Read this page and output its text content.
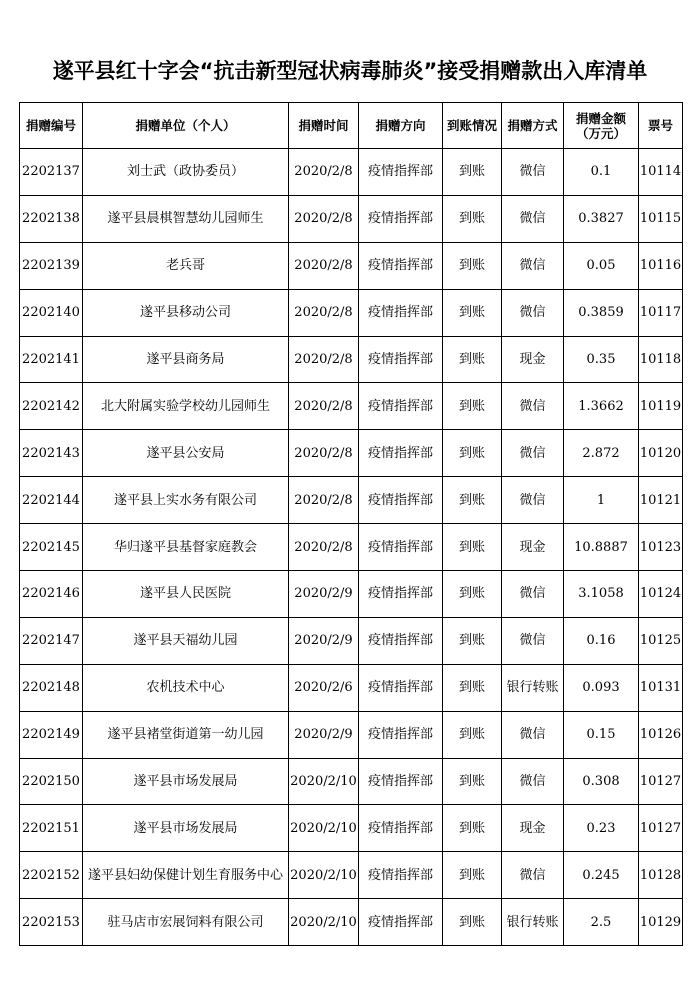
遂平县红十字会“抗击新型冠状病毒肺炎”接受捐赠款出入库清单
捐赠编号	捐赠单位（个人）	捐赠时间	捐赠方向	到账情况	捐赠方式	捐赠金额
（万元）	票号
2202137	刘士武（政协委员）	2020/2/8	疫情指挥部	到账	微信	0.1	10114
2202138	遂平县晨棋智慧幼儿园师生	2020/2/8	疫情指挥部	到账	微信	0.3827	10115
2202139	老兵哥	2020/2/8	疫情指挥部	到账	微信	0.05	10116
2202140	遂平县移动公司	2020/2/8	疫情指挥部	到账	微信	0.3859	10117
2202141	遂平县商务局	2020/2/8	疫情指挥部	到账	现金	0.35	10118
2202142	北大附属实验学校幼儿园师生	2020/2/8	疫情指挥部	到账	微信	1.3662	10119
2202143	遂平县公安局	2020/2/8	疫情指挥部	到账	微信	2.872	10120
2202144	遂平县上实水务有限公司	2020/2/8	疫情指挥部	到账	微信	1	10121
2202145	华归遂平县基督家庭教会	2020/2/8	疫情指挥部	到账	现金	10.8887	10123
2202146	遂平县人民医院	2020/2/9	疫情指挥部	到账	微信	3.1058	10124
2202147	遂平县天福幼儿园	2020/2/9	疫情指挥部	到账	微信	0.16	10125
2202148	农机技术中心	2020/2/6	疫情指挥部	到账	银行转账	0.093	10131
2202149	遂平县褚堂街道第一幼儿园	2020/2/9	疫情指挥部	到账	微信	0.15	10126
2202150	遂平县市场发展局	2020/2/10	疫情指挥部	到账	微信	0.308	10127
2202151	遂平县市场发展局	2020/2/10	疫情指挥部	到账	现金	0.23	10127
2202152	遂平县妇幼保健计划生育服务中心	2020/2/10	疫情指挥部	到账	微信	0.245	10128
2202153	驻马店市宏展饲料有限公司	2020/2/10	疫情指挥部	到账	银行转账	2.5	10129
